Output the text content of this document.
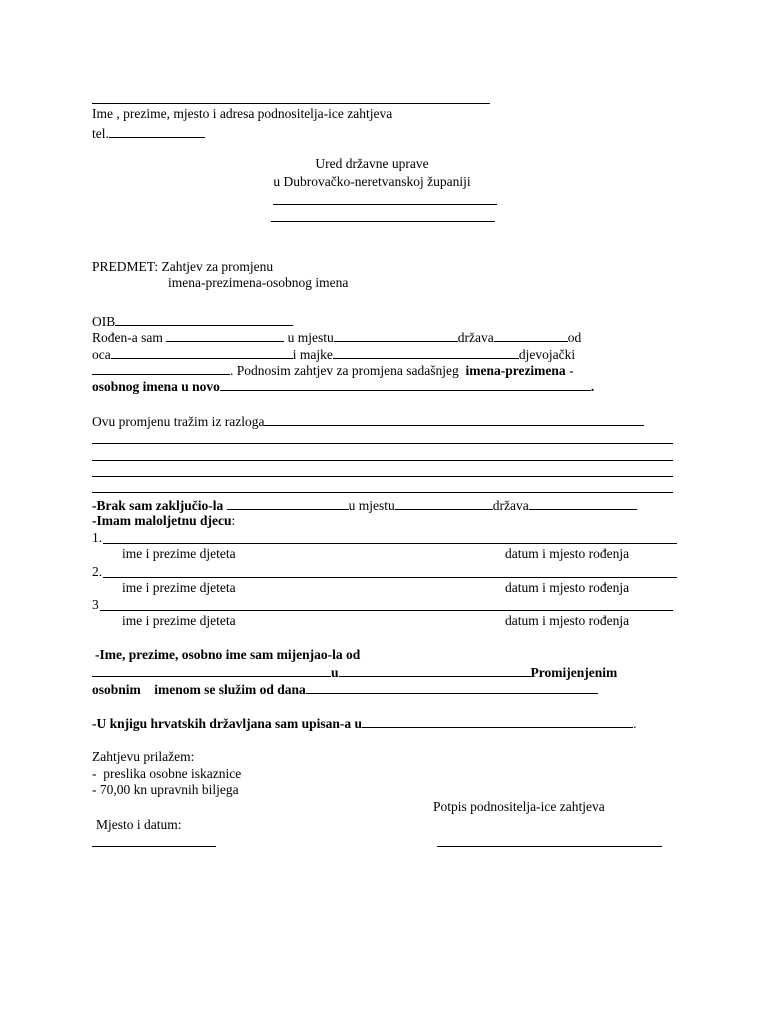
Ime , prezime, mjesto i adresa podnositelja-ice zahtjeva
tel.
Ured državne uprave
u Dubrovačko-neretvanskoj županiji
PREDMET: Zahtjev za promjenu
imena-prezimena-osobnog imena
OIB
Rođen-a sam	u mjestu	država	od
oca	i majke	djevojački
. Podnosim zahtjev za promjena sadašnjeg imena-prezimena -
osobnog imena u novo	.
Ovu promjenu tražim iz razloga
-Brak sam zaključio-la	u mjestu	država
-Imam maloljetnu djecu:
1.
ime i prezime djeteta	datum i mjesto rođenja
2.
ime i prezime djeteta	datum i mjesto rođenja
3
ime i prezime djeteta	datum i mjesto rođenja
-Ime, prezime, osobno ime sam mijenjao-la od
u	Promijenjenim
osobnim imenom se služim od dana
-U knjigu hrvatskih državljana sam upisan-a u	.
Zahtjevu prilažem:
-  preslika osobne iskaznice
- 70,00 kn upravnih biljega
Potpis podnositelja-ice zahtjeva
Mjesto i datum:
